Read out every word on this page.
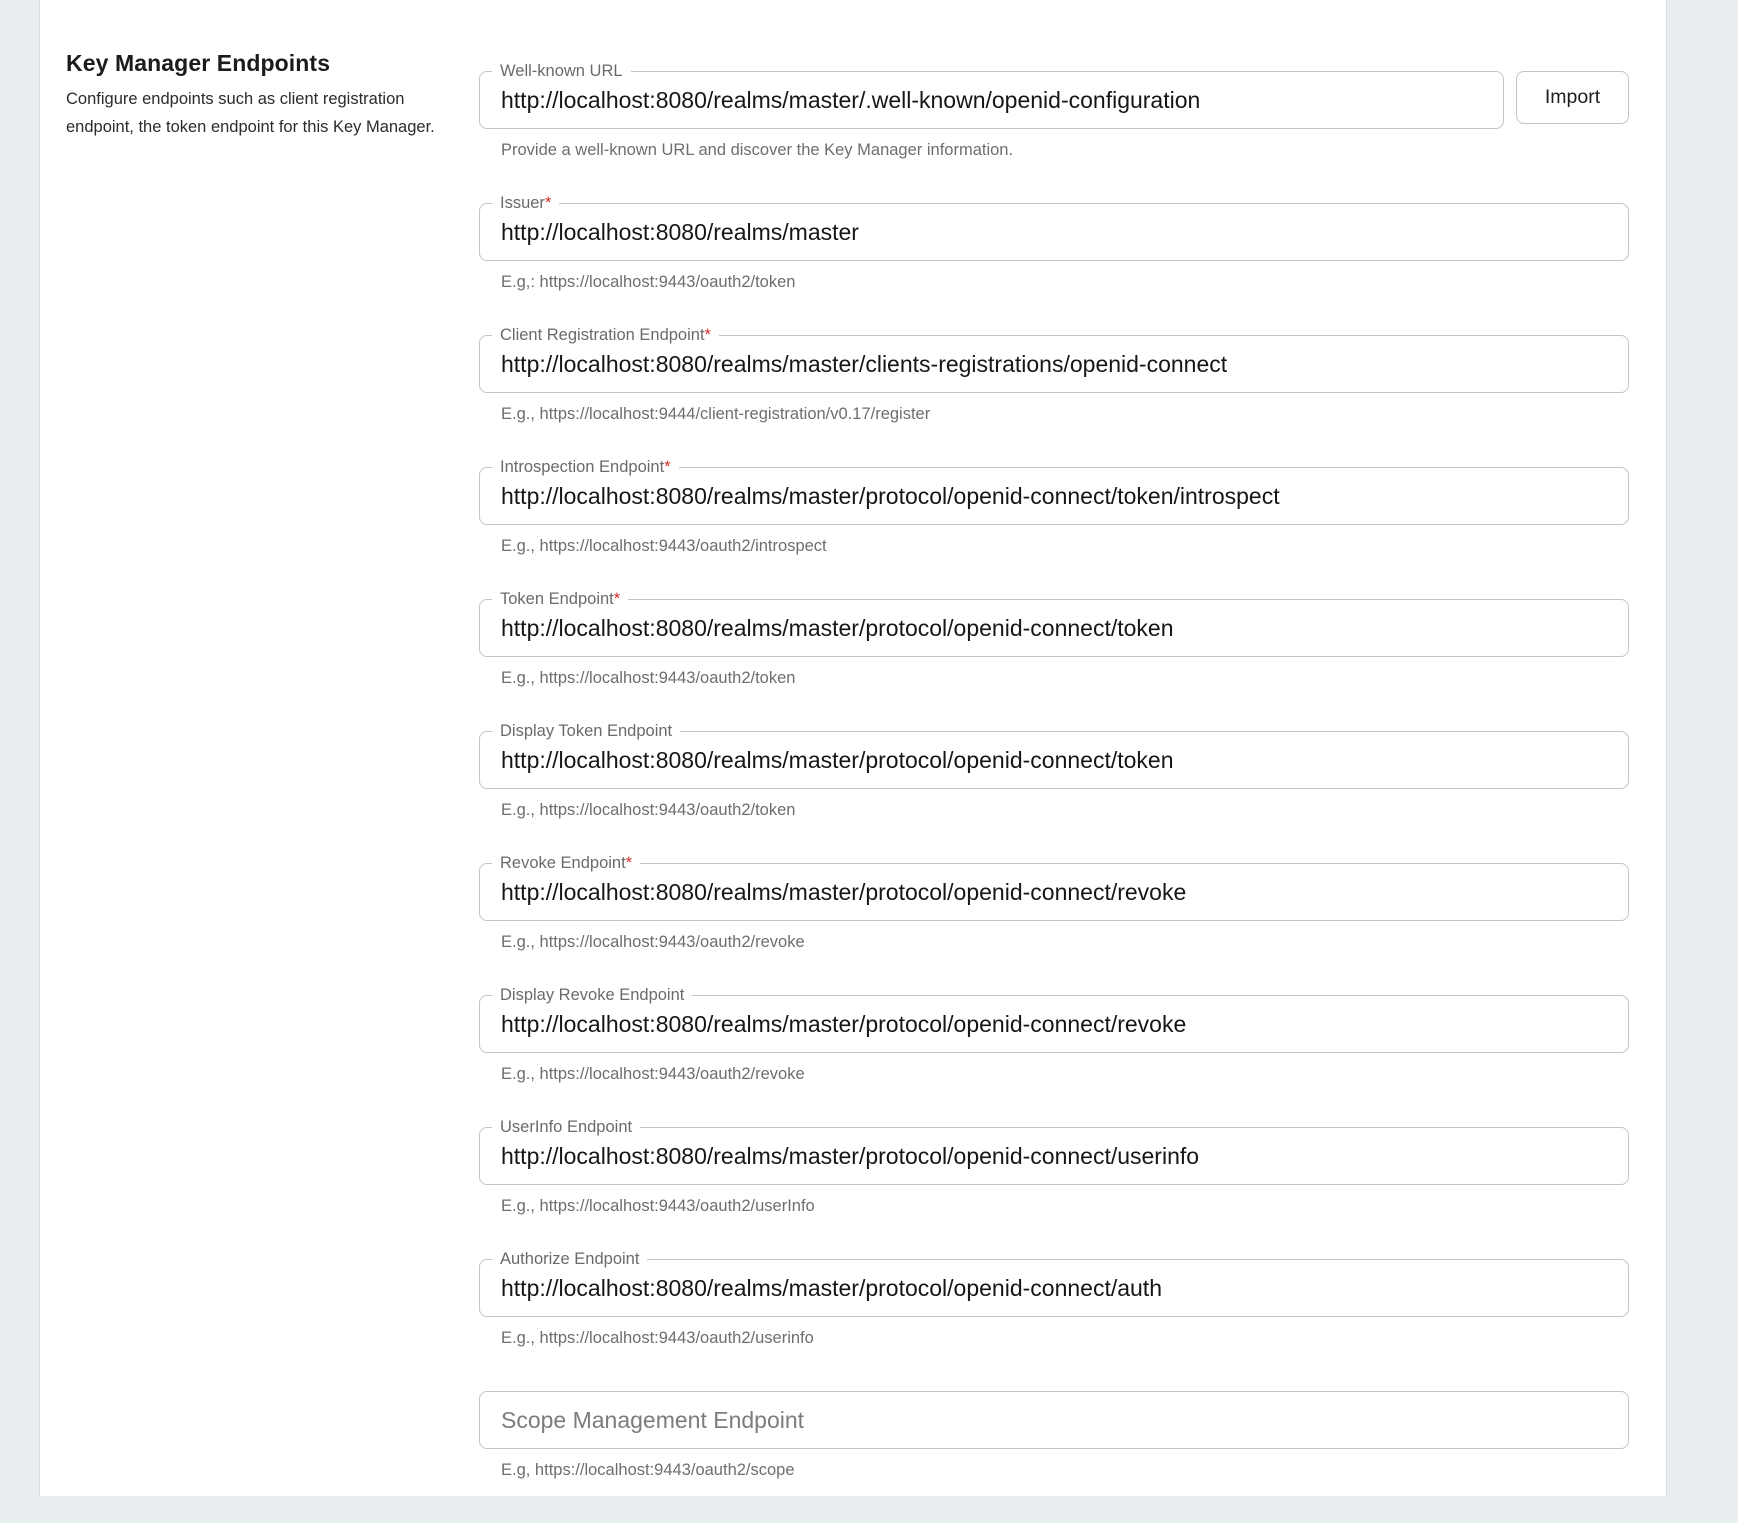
Key Manager Endpoints

Configure endpoints such as client registration endpoint, the token endpoint for this Key Manager.

Well-known URL
http://localhost:8080/realms/master/.well-known/openid-configuration
Import
Provide a well-known URL and discover the Key Manager information.
Issuer*
http://localhost:8080/realms/master
E.g,: https://localhost:9443/oauth2/token
Client Registration Endpoint*
http://localhost:8080/realms/master/clients-registrations/openid-connect
E.g., https://localhost:9444/client-registration/v0.17/register
Introspection Endpoint*
http://localhost:8080/realms/master/protocol/openid-connect/token/introspect
E.g., https://localhost:9443/oauth2/introspect
Token Endpoint*
http://localhost:8080/realms/master/protocol/openid-connect/token
E.g., https://localhost:9443/oauth2/token
Display Token Endpoint
http://localhost:8080/realms/master/protocol/openid-connect/token
E.g., https://localhost:9443/oauth2/token
Revoke Endpoint*
http://localhost:8080/realms/master/protocol/openid-connect/revoke
E.g., https://localhost:9443/oauth2/revoke
Display Revoke Endpoint
http://localhost:8080/realms/master/protocol/openid-connect/revoke
E.g., https://localhost:9443/oauth2/revoke
UserInfo Endpoint
http://localhost:8080/realms/master/protocol/openid-connect/userinfo
E.g., https://localhost:9443/oauth2/userInfo
Authorize Endpoint
http://localhost:8080/realms/master/protocol/openid-connect/auth
E.g., https://localhost:9443/oauth2/userinfo
Scope Management Endpoint
E.g, https://localhost:9443/oauth2/scope
